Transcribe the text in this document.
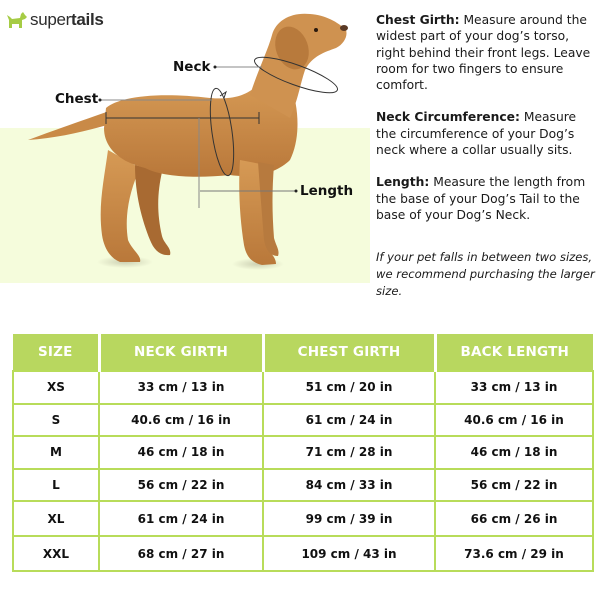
supertails
Neck
Chest
Length

Chest Girth: Measure around the widest part of your dog’s torso, right behind their front legs. Leave room for two fingers to ensure comfort.

Neck Circumference: Measure the circumference of your Dog’s neck where a collar usually sits.

Length: Measure the length from the base of your Dog’s Tail to the base of your Dog’s Neck.

If your pet falls in between two sizes, we recommend purchasing the larger size.
SIZE	NECK GIRTH	CHEST GIRTH	BACK LENGTH
XS	33 cm / 13 in	51 cm / 20 in	33 cm / 13 in
S	40.6 cm / 16 in	61 cm / 24 in	40.6 cm / 16 in
M	46 cm / 18 in	71 cm / 28 in	46 cm / 18 in
L	56 cm / 22 in	84 cm / 33 in	56 cm / 22 in
XL	61 cm / 24 in	99 cm / 39 in	66 cm / 26 in
XXL	68 cm / 27 in	109 cm / 43 in	73.6 cm / 29 in
